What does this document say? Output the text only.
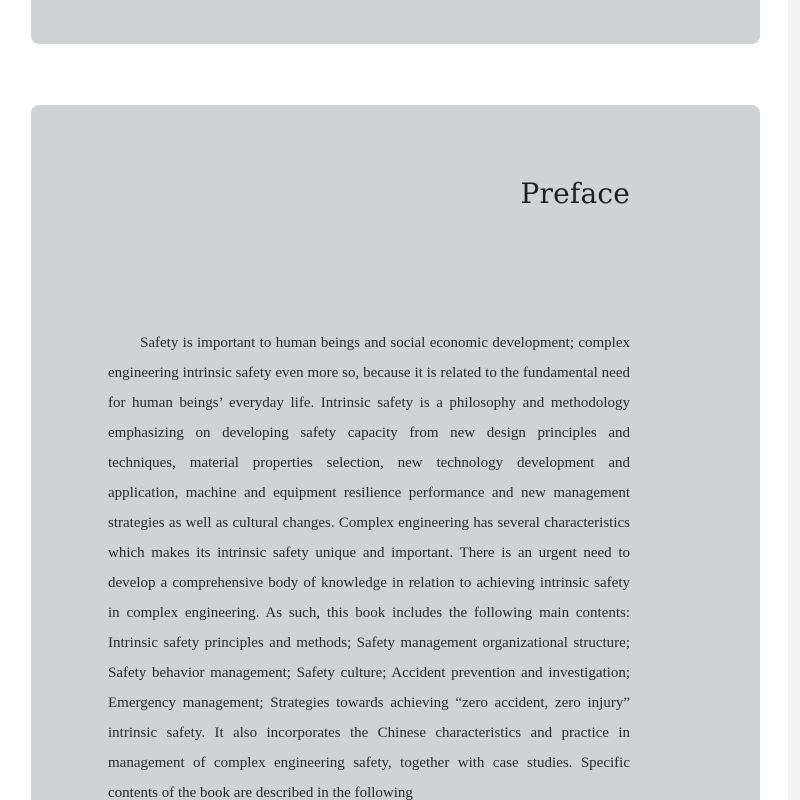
Preface

Safety is important to human beings and social economic development; complex engineering intrinsic safety even more so, because it is related to the fundamental need for human beings’ everyday life. Intrinsic safety is a philosophy and methodology emphasizing on developing safety capacity from new design principles and techniques, material properties selection, new technology development and application, machine and equipment resilience performance and new management strategies as well as cultural changes. Complex engineering has several characteristics which makes its intrinsic safety unique and important. There is an urgent need to develop a comprehensive body of knowledge in relation to achieving intrinsic safety in complex engineering. As such, this book includes the following main contents: Intrinsic safety principles and methods; Safety management organizational structure; Safety behavior management; Safety culture; Accident prevention and investigation; Emergency management; Strategies towards achieving “zero accident, zero injury” intrinsic safety. It also incorporates the Chinese characteristics and practice in management of complex engineering safety, together with case studies. Specific contents of the book are described in the following
